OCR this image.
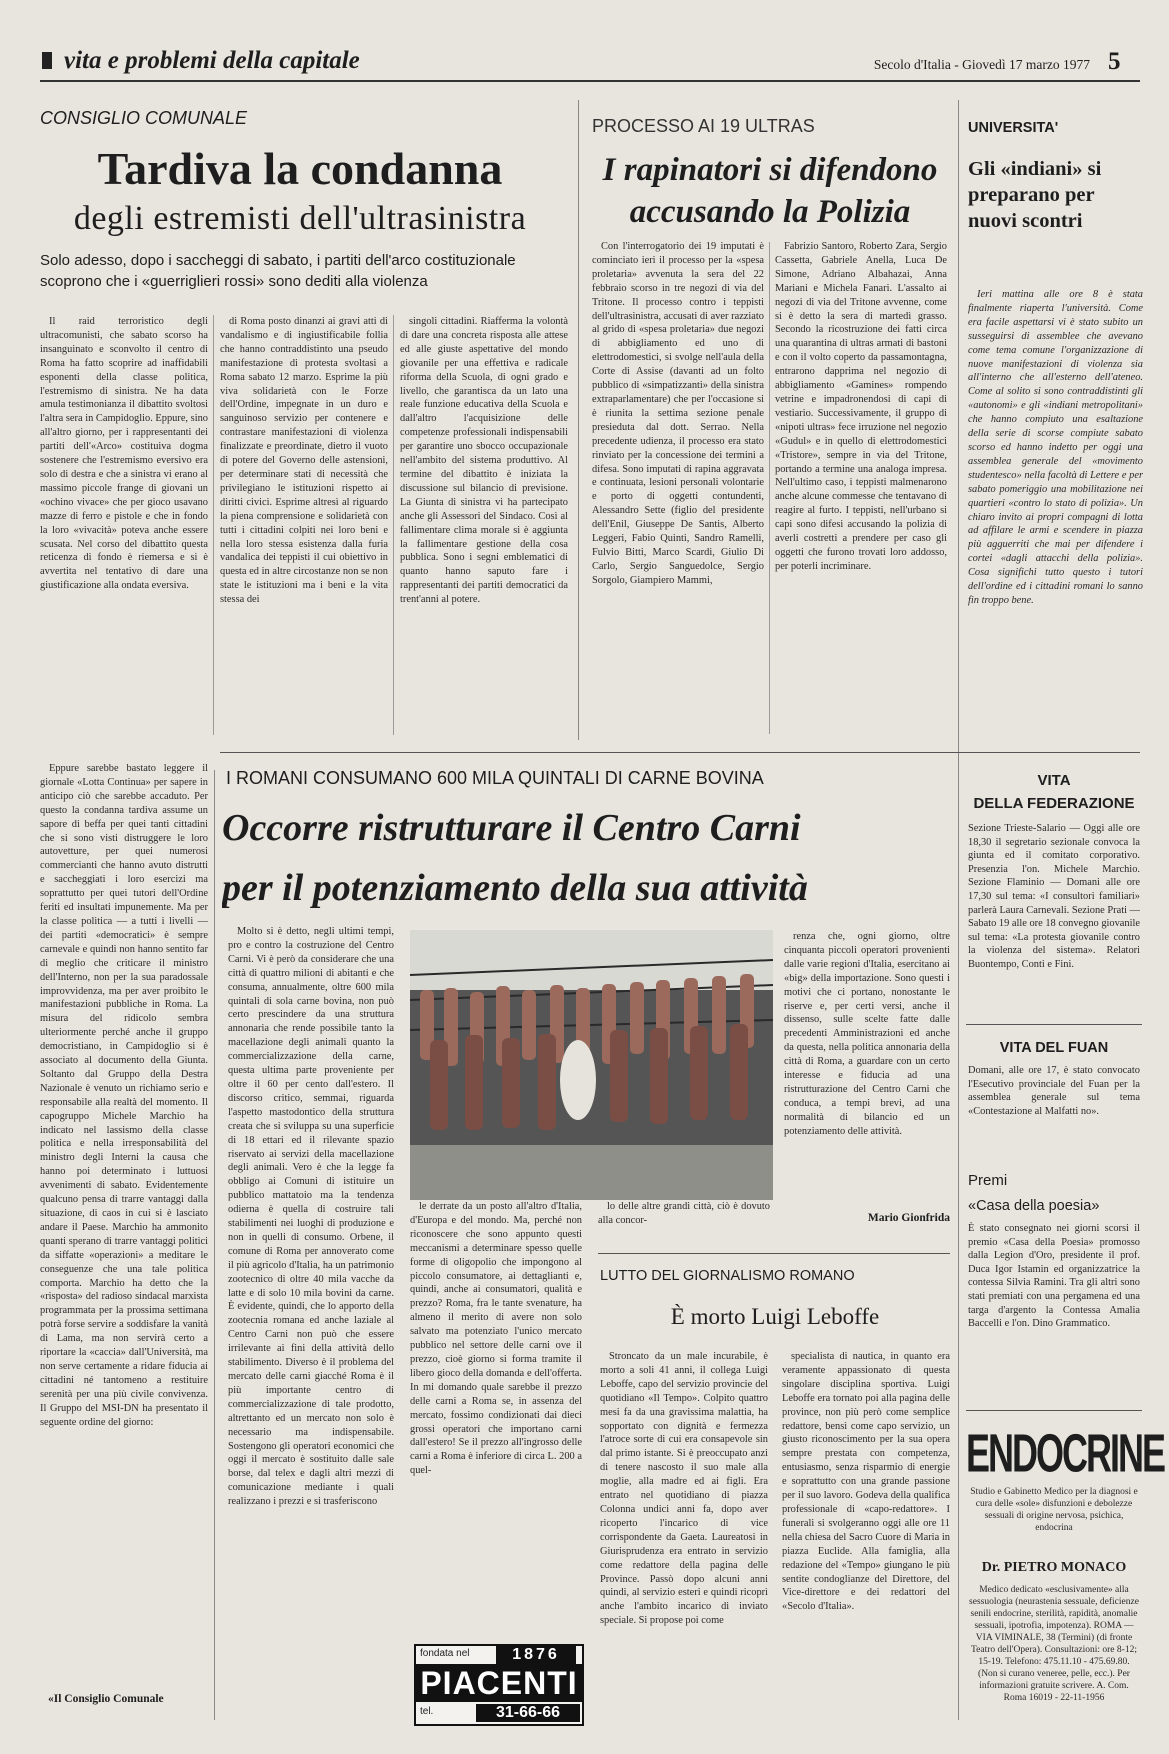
vita e problemi della capitale	Secolo d'Italia - Giovedì 17 marzo 1977 5
CONSIGLIO COMUNALE
Tardiva la condanna
degli estremisti dell'ultrasinistra
Solo adesso, dopo i saccheggi di sabato, i partiti dell'arco costituzionale scoprono che i «guerriglieri rossi» sono dediti alla violenza

Il raid terroristico degli ultracomunisti, che sabato scorso ha insanguinato e sconvolto il centro di Roma ha fatto scoprire ad inaffidabili esponenti della classe politica, l'estremismo di sinistra. Ne ha data amula testimonianza il dibattito svoltosi l'altra sera in Campidoglio. Eppure, sino all'altro giorno, per i rappresentanti dei partiti dell'«Arco» costituiva dogma sostenere che l'estremismo eversivo era solo di destra e che a sinistra vi erano al massimo piccole frange di giovani un «ochino vivace» che per gioco usavano mazze di ferro e pistole e che in fondo la loro «vivacità» poteva anche essere scusata. Nel corso del dibattito questa reticenza di fondo è riemersa e si è avvertita nel tentativo di dare una giustificazione alla ondata eversiva.

di Roma posto dinanzi ai gravi atti di vandalismo e di ingiustificabile follia che hanno contraddistinto una pseudo manifestazione di protesta svoltasi a Roma sabato 12 marzo. Esprime la più viva solidarietà con le Forze dell'Ordine, impegnate in un duro e sanguinoso servizio per contenere e contrastare manifestazioni di violenza finalizzate e preordinate, dietro il vuoto di potere del Governo delle astensioni, per determinare stati di necessità che privilegiano le istituzioni rispetto ai diritti civici. Esprime altresì al riguardo la piena comprensione e solidarietà con tutti i cittadini colpiti nei loro beni e nella loro stessa esistenza dalla furia vandalica dei teppisti il cui obiettivo in questa ed in altre circostanze non se non state le istituzioni ma i beni e la vita stessa dei

singoli cittadini. Riafferma la volontà di dare una concreta risposta alle attese ed alle giuste aspettative del mondo giovanile per una effettiva e radicale riforma della Scuola, di ogni grado e livello, che garantisca da un lato una reale funzione educativa della Scuola e dall'altro l'acquisizione delle competenze professionali indispensabili per garantire uno sbocco occupazionale nell'ambito del sistema produttivo. Al termine del dibattito è iniziata la discussione sul bilancio di previsione. La Giunta di sinistra vi ha partecipato anche gli Assessori del Sindaco. Così al fallimentare clima morale si è aggiunta la fallimentare gestione della cosa pubblica. Sono i segni emblematici di quanto hanno saputo fare i rappresentanti dei partiti democratici da trent'anni al potere.

Eppure sarebbe bastato leggere il giornale «Lotta Continua» per sapere in anticipo ciò che sarebbe accaduto. Per questo la condanna tardiva assume un sapore di beffa per quei tanti cittadini che si sono visti distruggere le loro autovetture, per quei numerosi commercianti che hanno avuto distrutti e saccheggiati i loro esercizi ma soprattutto per quei tutori dell'Ordine feriti ed insultati impunemente. Ma per la classe politica — a tutti i livelli — dei partiti «democratici» è sempre carnevale e quindi non hanno sentito far di meglio che criticare il ministro dell'Interno, non per la sua paradossale improvvidenza, ma per aver proibito le manifestazioni pubbliche in Roma. La misura del ridicolo sembra ulteriormente perché anche il gruppo democristiano, in Campidoglio si è associato al documento della Giunta. Soltanto dal Gruppo della Destra Nazionale è venuto un richiamo serio e responsabile alla realtà del momento. Il capogruppo Michele Marchio ha indicato nel lassismo della classe politica e nella irresponsabilità del ministro degli Interni la causa che hanno poi determinato i luttuosi avvenimenti di sabato. Evidentemente qualcuno pensa di trarre vantaggi dalla situazione, di caos in cui si è lasciato andare il Paese. Marchio ha ammonito quanti sperano di trarre vantaggi politici da siffatte «operazioni» a meditare le conseguenze che una tale politica comporta. Marchio ha detto che la «risposta» del radioso sindacal marxista programmata per la prossima settimana potrà forse servire a soddisfare la vanità di Lama, ma non servirà certo a riportare la «caccia» dall'Università, ma non serve certamente a ridare fiducia ai cittadini né tantomeno a restituire serenità per una più civile convivenza. Il Gruppo del MSI-DN ha presentato il seguente ordine del giorno:

«Il Consiglio Comunale
PROCESSO AI 19 ULTRAS
I rapinatori si difendono
accusando la Polizia

Con l'interrogatorio dei 19 imputati è cominciato ieri il processo per la «spesa proletaria» avvenuta la sera del 22 febbraio scorso in tre negozi di via del Tritone. Il processo contro i teppisti dell'ultrasinistra, accusati di aver razziato al grido di «spesa proletaria» due negozi di abbigliamento ed uno di elettrodomestici, si svolge nell'aula della Corte di Assise (davanti ad un folto pubblico di «simpatizzanti» della sinistra extraparlamentare) che per l'occasione si è riunita la settima sezione penale presieduta dal dott. Serrao. Nella precedente udienza, il processo era stato rinviato per la concessione dei termini a difesa. Sono imputati di rapina aggravata e continuata, lesioni personali volontarie e porto di oggetti contundenti, Alessandro Sette (figlio del presidente dell'Enil, Giuseppe De Santis, Alberto Leggeri, Fabio Quinti, Sandro Ramelli, Fulvio Bitti, Marco Scardi, Giulio Di Carlo, Sergio Sanguedolce, Sergio Sorgolo, Giampiero Mammi,

Fabrizio Santoro, Roberto Zara, Sergio Cassetta, Gabriele Anella, Luca De Simone, Adriano Albahazai, Anna Mariani e Michela Fanari. L'assalto ai negozi di via del Tritone avvenne, come si è detto la sera di martedì grasso. Secondo la ricostruzione dei fatti circa una quarantina di ultras armati di bastoni e con il volto coperto da passamontagna, entrarono dapprima nel negozio di abbigliamento «Gamines» rompendo vetrine e impadronendosi di capi di vestiario. Successivamente, il gruppo di «nipoti ultras» fece irruzione nel negozio «Gudul» e in quello di elettrodomestici «Tristore», sempre in via del Tritone, portando a termine una analoga impresa. Nell'ultimo caso, i teppisti malmenarono anche alcune commesse che tentavano di reagire al furto. I teppisti, nell'urbano si capi sono difesi accusando la polizia di averli costretti a prendere per caso gli oggetti che furono trovati loro addosso, per poterli incriminare.

UNIVERSITA'
Gli «indiani» si preparano per nuovi scontri

Ieri mattina alle ore 8 è stata finalmente riaperta l'università. Come era facile aspettarsi vi è stato subito un susseguirsi di assemblee che avevano come tema comune l'organizzazione di nuove manifestazioni di violenza sia all'interno che all'esterno dell'ateneo. Come al solito si sono contraddistinti gli «autonomi» e gli «indiani metropolitani» che hanno compiuto una esaltazione della serie di scorse compiute sabato scorso ed hanno indetto per oggi una assemblea generale del «movimento studentesco» nella facoltà di Lettere e per sabato pomeriggio una mobilitazione nei quartieri «contro lo stato di polizia». Un chiaro invito ai propri compagni di lotta ad affilare le armi e scendere in piazza più agguerriti che mai per difendere i cortei «dagli attacchi della polizia». Cosa significhi tutto questo i tutori dell'ordine ed i cittadini romani lo sanno fin troppo bene.

I ROMANI CONSUMANO 600 MILA QUINTALI DI CARNE BOVINA
Occorre ristrutturare il Centro Carni
per il potenziamento della sua attività

Molto si è detto, negli ultimi tempi, pro e contro la costruzione del Centro Carni. Vi è però da considerare che una città di quattro milioni di abitanti e che consuma, annualmente, oltre 600 mila quintali di sola carne bovina, non può certo prescindere da una struttura annonaria che rende possibile tanto la macellazione degli animali quanto la commercializzazione della carne, questa ultima parte proveniente per oltre il 60 per cento dall'estero. Il discorso critico, semmai, riguarda l'aspetto mastodontico della struttura creata che si sviluppa su una superficie di 18 ettari ed il rilevante spazio riservato ai servizi della macellazione degli animali. Vero è che la legge fa obbligo ai Comuni di istituire un pubblico mattatoio ma la tendenza odierna è quella di costruire tali stabilimenti nei luoghi di produzione e non in quelli di consumo. Orbene, il comune di Roma per annoverato come il più agricolo d'Italia, ha un patrimonio zootecnico di oltre 40 mila vacche da latte e di solo 10 mila bovini da carne. È evidente, quindi, che lo apporto della zootecnia romana ed anche laziale al Centro Carni non può che essere irrilevante ai fini della attività dello stabilimento. Diverso è il problema del mercato delle carni giacché Roma è il più importante centro di commercializzazione di tale prodotto, altrettanto ed un mercato non solo è necessario ma indispensabile. Sostengono gli operatori economici che oggi il mercato è sostituito dalle sale borse, dal telex e dagli altri mezzi di comunicazione mediante i quali realizzano i prezzi e si trasferiscono

le derrate da un posto all'altro d'Italia, d'Europa e del mondo. Ma, perché non riconoscere che sono appunto questi meccanismi a determinare spesso quelle forme di oligopolio che impongono al piccolo consumatore, ai dettaglianti e, quindi, anche ai consumatori, qualità e prezzo? Roma, fra le tante svenature, ha almeno il merito di avere non solo salvato ma potenziato l'unico mercato pubblico nel settore delle carni ove il prezzo, cioè giorno si forma tramite il libero gioco della domanda e dell'offerta. In mi domando quale sarebbe il prezzo delle carni a Roma se, in assenza del mercato, fossimo condizionati dai dieci grossi operatori che importano carni dall'estero! Se il prezzo all'ingrosso delle carni a Roma è inferiore di circa L. 200 a quel-

lo delle altre grandi città, ciò è dovuto alla concor-

renza che, ogni giorno, oltre cinquanta piccoli operatori provenienti dalle varie regioni d'Italia, esercitano ai «big» della importazione. Sono questi i motivi che ci portano, nonostante le riserve e, per certi versi, anche il dissenso, sulle scelte fatte dalle precedenti Amministrazioni ed anche da questa, nella politica annonaria della città di Roma, a guardare con un certo interesse e fiducia ad una ristrutturazione del Centro Carni che conduca, a tempi brevi, ad una normalità di bilancio ed un potenziamento delle attività.

Mario Gionfrida
LUTTO DEL GIORNALISMO ROMANO
È morto Luigi Leboffe

Stroncato da un male incurabile, è morto a soli 41 anni, il collega Luigi Leboffe, capo del servizio provincie del quotidiano «Il Tempo». Colpito quattro mesi fa da una gravissima malattia, ha sopportato con dignità e fermezza l'atroce sorte di cui era consapevole sin dal primo istante. Si è preoccupato anzi di tenere nascosto il suo male alla moglie, alla madre ed ai figli. Era entrato nel quotidiano di piazza Colonna undici anni fa, dopo aver ricoperto l'incarico di vice corrispondente da Gaeta. Laureatosi in Giurisprudenza era entrato in servizio come redattore della pagina delle Province. Passò dopo alcuni anni quindi, al servizio esteri e quindi ricoprì anche l'ambito incarico di inviato speciale. Si propose poi come

specialista di nautica, in quanto era veramente appassionato di questa singolare disciplina sportiva. Luigi Leboffe era tornato poi alla pagina delle province, non più però come semplice redattore, bensì come capo servizio, un giusto riconoscimento per la sua opera sempre prestata con competenza, entusiasmo, senza risparmio di energie e soprattutto con una grande passione per il suo lavoro. Godeva della qualifica professionale di «capo-redattore». I funerali si svolgeranno oggi alle ore 11 nella chiesa del Sacro Cuore di Maria in piazza Euclide. Alla famiglia, alla redazione del «Tempo» giungano le più sentite condoglianze del Direttore, del Vice-direttore e dei redattori del «Secolo d'Italia».

fondata nel	1876
PIACENTI
tel.	31-66-66
VITA
DELLA FEDERAZIONE

Sezione Trieste-Salario — Oggi alle ore 18,30 il segretario sezionale convoca la giunta ed il comitato corporativo. Presenzia l'on. Michele Marchio. Sezione Flaminio — Domani alle ore 17,30 sul tema: «I consultori familiari» parlerà Laura Carnevali. Sezione Prati — Sabato 19 alle ore 18 convegno giovanile sul tema: «La protesta giovanile contro la violenza del sistema». Relatori Buontempo, Conti e Fini.

VITA DEL FUAN

Domani, alle ore 17, è stato convocato l'Esecutivo provinciale del Fuan per la assemblea generale sul tema «Contestazione al Malfatti no».

Premi
«Casa della poesia»

È stato consegnato nei giorni scorsi il premio «Casa della Poesia» promosso dalla Legion d'Oro, presidente il prof. Duca Igor Istamin ed organizzatrice la contessa Silvia Ramini. Tra gli altri sono stati premiati con una pergamena ed una targa d'argento la Contessa Amalia Baccelli e l'on. Dino Grammatico.

ENDOCRINE

Studio e Gabinetto Medico per la diagnosi e cura delle «sole» disfunzioni e debolezze sessuali di origine nervosa, psichica, endocrina

Dr. PIETRO MONACO

Medico dedicato «esclusivamente» alla sessuologia (neurastenia sessuale, deficienze senili endocrine, sterilità, rapidità, anomalie sessuali, ipotrofia, impotenza). ROMA — VIA VIMINALE, 38 (Termini) (di fronte Teatro dell'Opera). Consultazioni: ore 8-12; 15-19. Telefono: 475.11.10 - 475.69.80. (Non si curano veneree, pelle, ecc.). Per informazioni gratuite scrivere. A. Com. Roma 16019 - 22-11-1956
